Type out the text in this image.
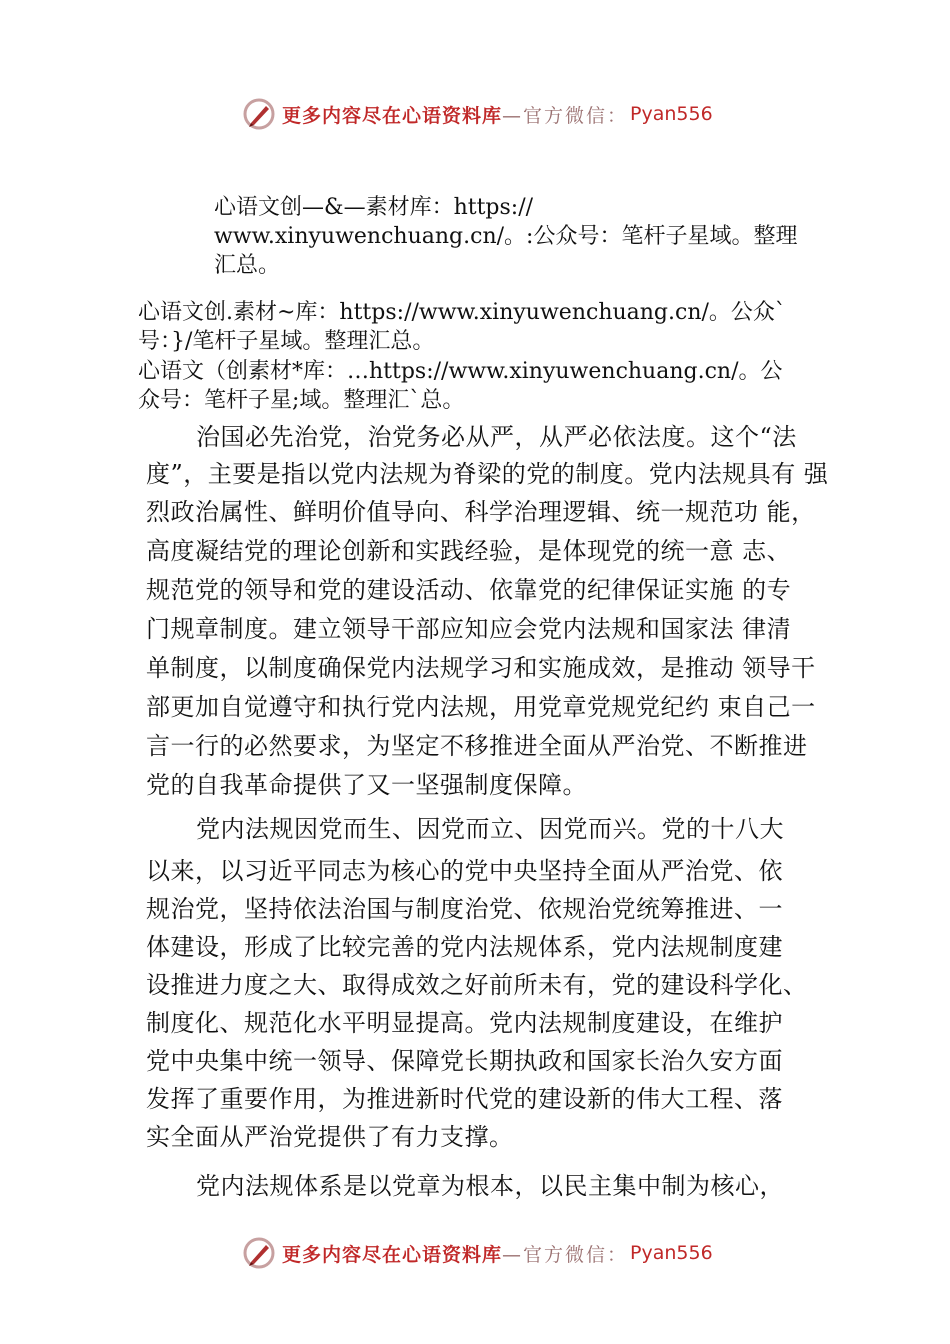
更多内容尽在心语资料库 —官方微信： Pyan556
心语文创—&—素材库：https://
www.xinyuwenchuang.cn/。:公众号：笔杆子星域。整理
汇总。
心语文创.素材~库：https://www.xinyuwenchuang.cn/。公众`
号：}/笔杆子星域。整理汇总。
心语文（创素材*库：…https://www.xinyuwenchuang.cn/。公
众号：笔杆子星;域。整理汇`总。
治国必先治党，治党务必从严，从严必依法度。这个“法
度”，主要是指以党内法规为脊梁的党的制度。党内法规具有 强
烈政治属性、鲜明价值导向、科学治理逻辑、统一规范功 能，
高度凝结党的理论创新和实践经验，是体现党的统一意 志、
规范党的领导和党的建设活动、依靠党的纪律保证实施 的专
门规章制度。建立领导干部应知应会党内法规和国家法 律清
单制度，以制度确保党内法规学习和实施成效，是推动 领导干
部更加自觉遵守和执行党内法规，用党章党规党纪约 束自己一
言一行的必然要求，为坚定不移推进全面从严治党、不断推进
党的自我革命提供了又一坚强制度保障。
党内法规因党而生、因党而立、因党而兴。党的十八大
以来，以习近平同志为核心的党中央坚持全面从严治党、依
规治党，坚持依法治国与制度治党、依规治党统筹推进、一
体建设，形成了比较完善的党内法规体系，党内法规制度建
设推进力度之大、取得成效之好前所未有，党的建设科学化、
制度化、规范化水平明显提高。党内法规制度建设，在维护
党中央集中统一领导、保障党长期执政和国家长治久安方面
发挥了重要作用，为推进新时代党的建设新的伟大工程、落
实全面从严治党提供了有力支撑。
党内法规体系是以党章为根本，以民主集中制为核心，
更多内容尽在心语资料库 —官方微信： Pyan556
